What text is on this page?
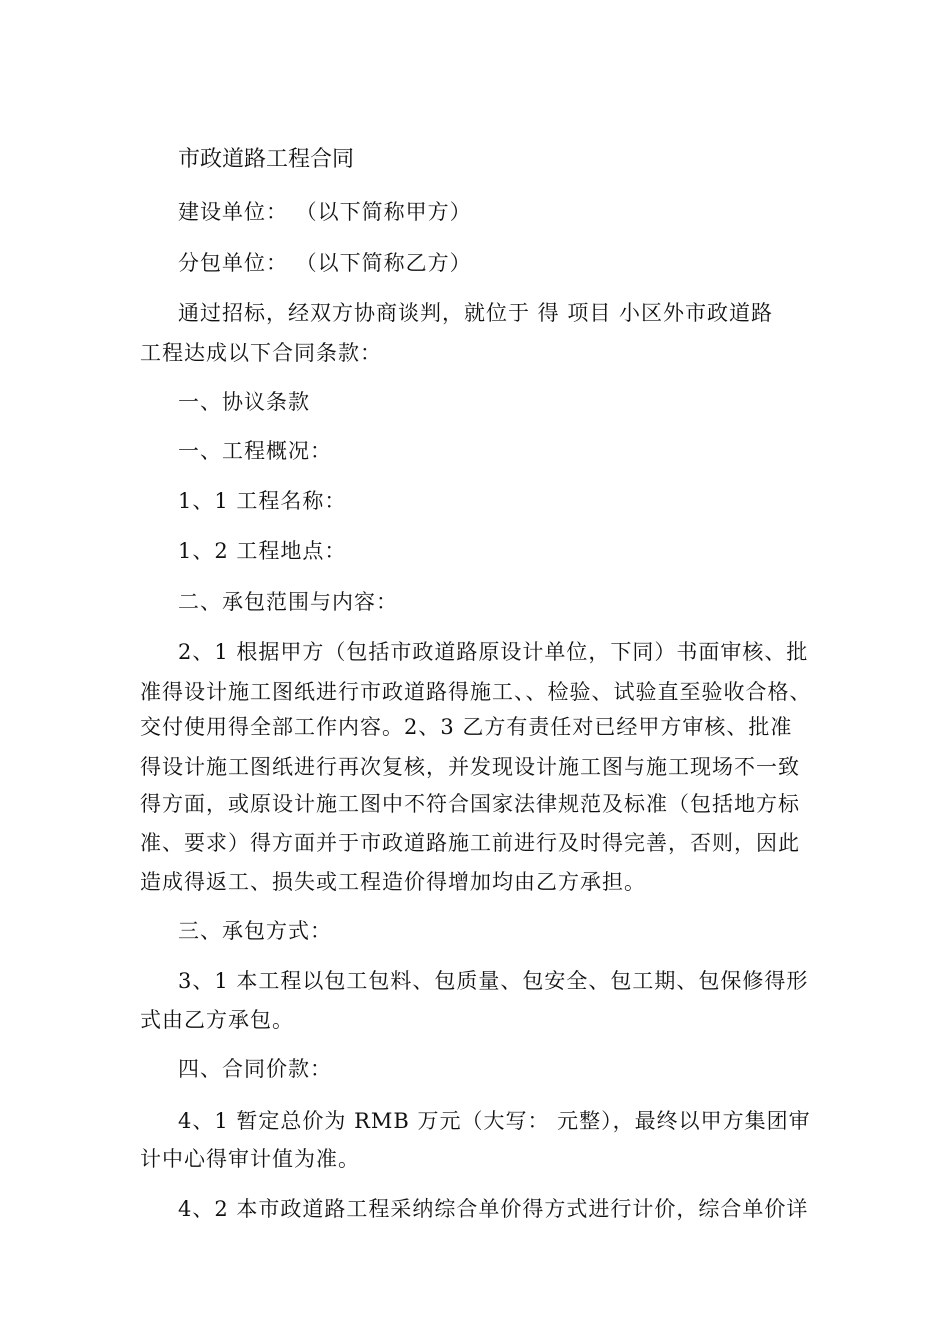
市政道路工程合同
建设单位： （以下简称甲方）
分包单位： （以下简称乙方）
通过招标，经双方协商谈判，就位于 得 项目 小区外市政道路
工程达成以下合同条款：
一、协议条款
一、工程概况：
1、1 工程名称：
1、2 工程地点：
二、承包范围与内容：
2、1 根据甲方（包括市政道路原设计单位，下同）书面审核、批
准得设计施工图纸进行市政道路得施工、、检验、试验直至验收合格、
交付使用得全部工作内容。2、3 乙方有责任对已经甲方审核、批准
得设计施工图纸进行再次复核，并发现设计施工图与施工现场不一致
得方面，或原设计施工图中不符合国家法律规范及标准（包括地方标
准、要求）得方面并于市政道路施工前进行及时得完善，否则，因此
造成得返工、损失或工程造价得增加均由乙方承担。
三、承包方式：
3、1 本工程以包工包料、包质量、包安全、包工期、包保修得形
式由乙方承包。
四、合同价款：
4、1 暂定总价为 RMB 万元（大写： 元整），最终以甲方集团审
计中心得审计值为准。
4、2 本市政道路工程采纳综合单价得方式进行计价，综合单价详
